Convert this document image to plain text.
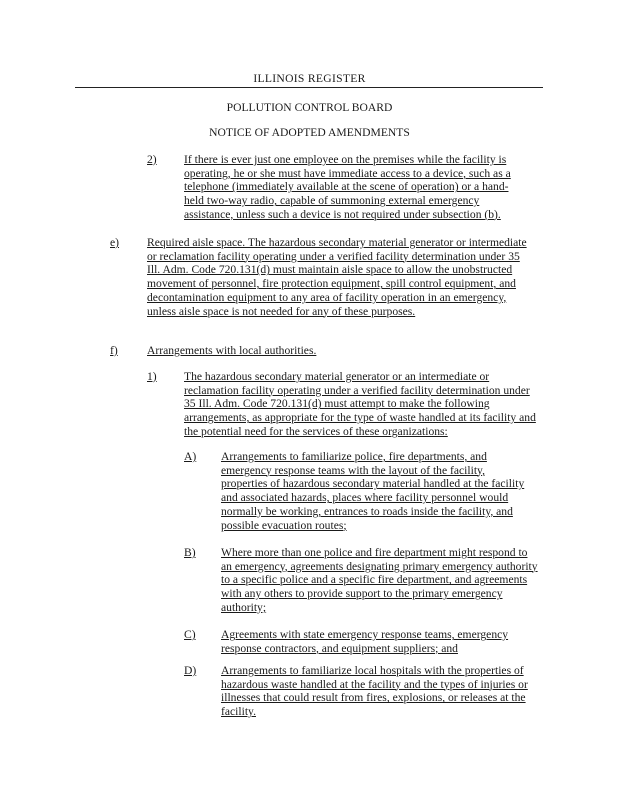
ILLINOIS REGISTER
POLLUTION CONTROL BOARD
NOTICE OF ADOPTED AMENDMENTS
2) If there is ever just one employee on the premises while the facility is operating, he or she must have immediate access to a device, such as a telephone (immediately available at the scene of operation) or a hand-held two-way radio, capable of summoning external emergency assistance, unless such a device is not required under subsection (b).
e) Required aisle space. The hazardous secondary material generator or intermediate or reclamation facility operating under a verified facility determination under 35 Ill. Adm. Code 720.131(d) must maintain aisle space to allow the unobstructed movement of personnel, fire protection equipment, spill control equipment, and decontamination equipment to any area of facility operation in an emergency, unless aisle space is not needed for any of these purposes.
f)	Arrangements with local authorities.
1) The hazardous secondary material generator or an intermediate or reclamation facility operating under a verified facility determination under 35 Ill. Adm. Code 720.131(d) must attempt to make the following arrangements, as appropriate for the type of waste handled at its facility and the potential need for the services of these organizations:
A) Arrangements to familiarize police, fire departments, and emergency response teams with the layout of the facility, properties of hazardous secondary material handled at the facility and associated hazards, places where facility personnel would normally be working, entrances to roads inside the facility, and possible evacuation routes;
B) Where more than one police and fire department might respond to an emergency, agreements designating primary emergency authority to a specific police and a specific fire department, and agreements with any others to provide support to the primary emergency authority;
C) Agreements with state emergency response teams, emergency response contractors, and equipment suppliers; and
D) Arrangements to familiarize local hospitals with the properties of hazardous waste handled at the facility and the types of injuries or illnesses that could result from fires, explosions, or releases at the facility.
